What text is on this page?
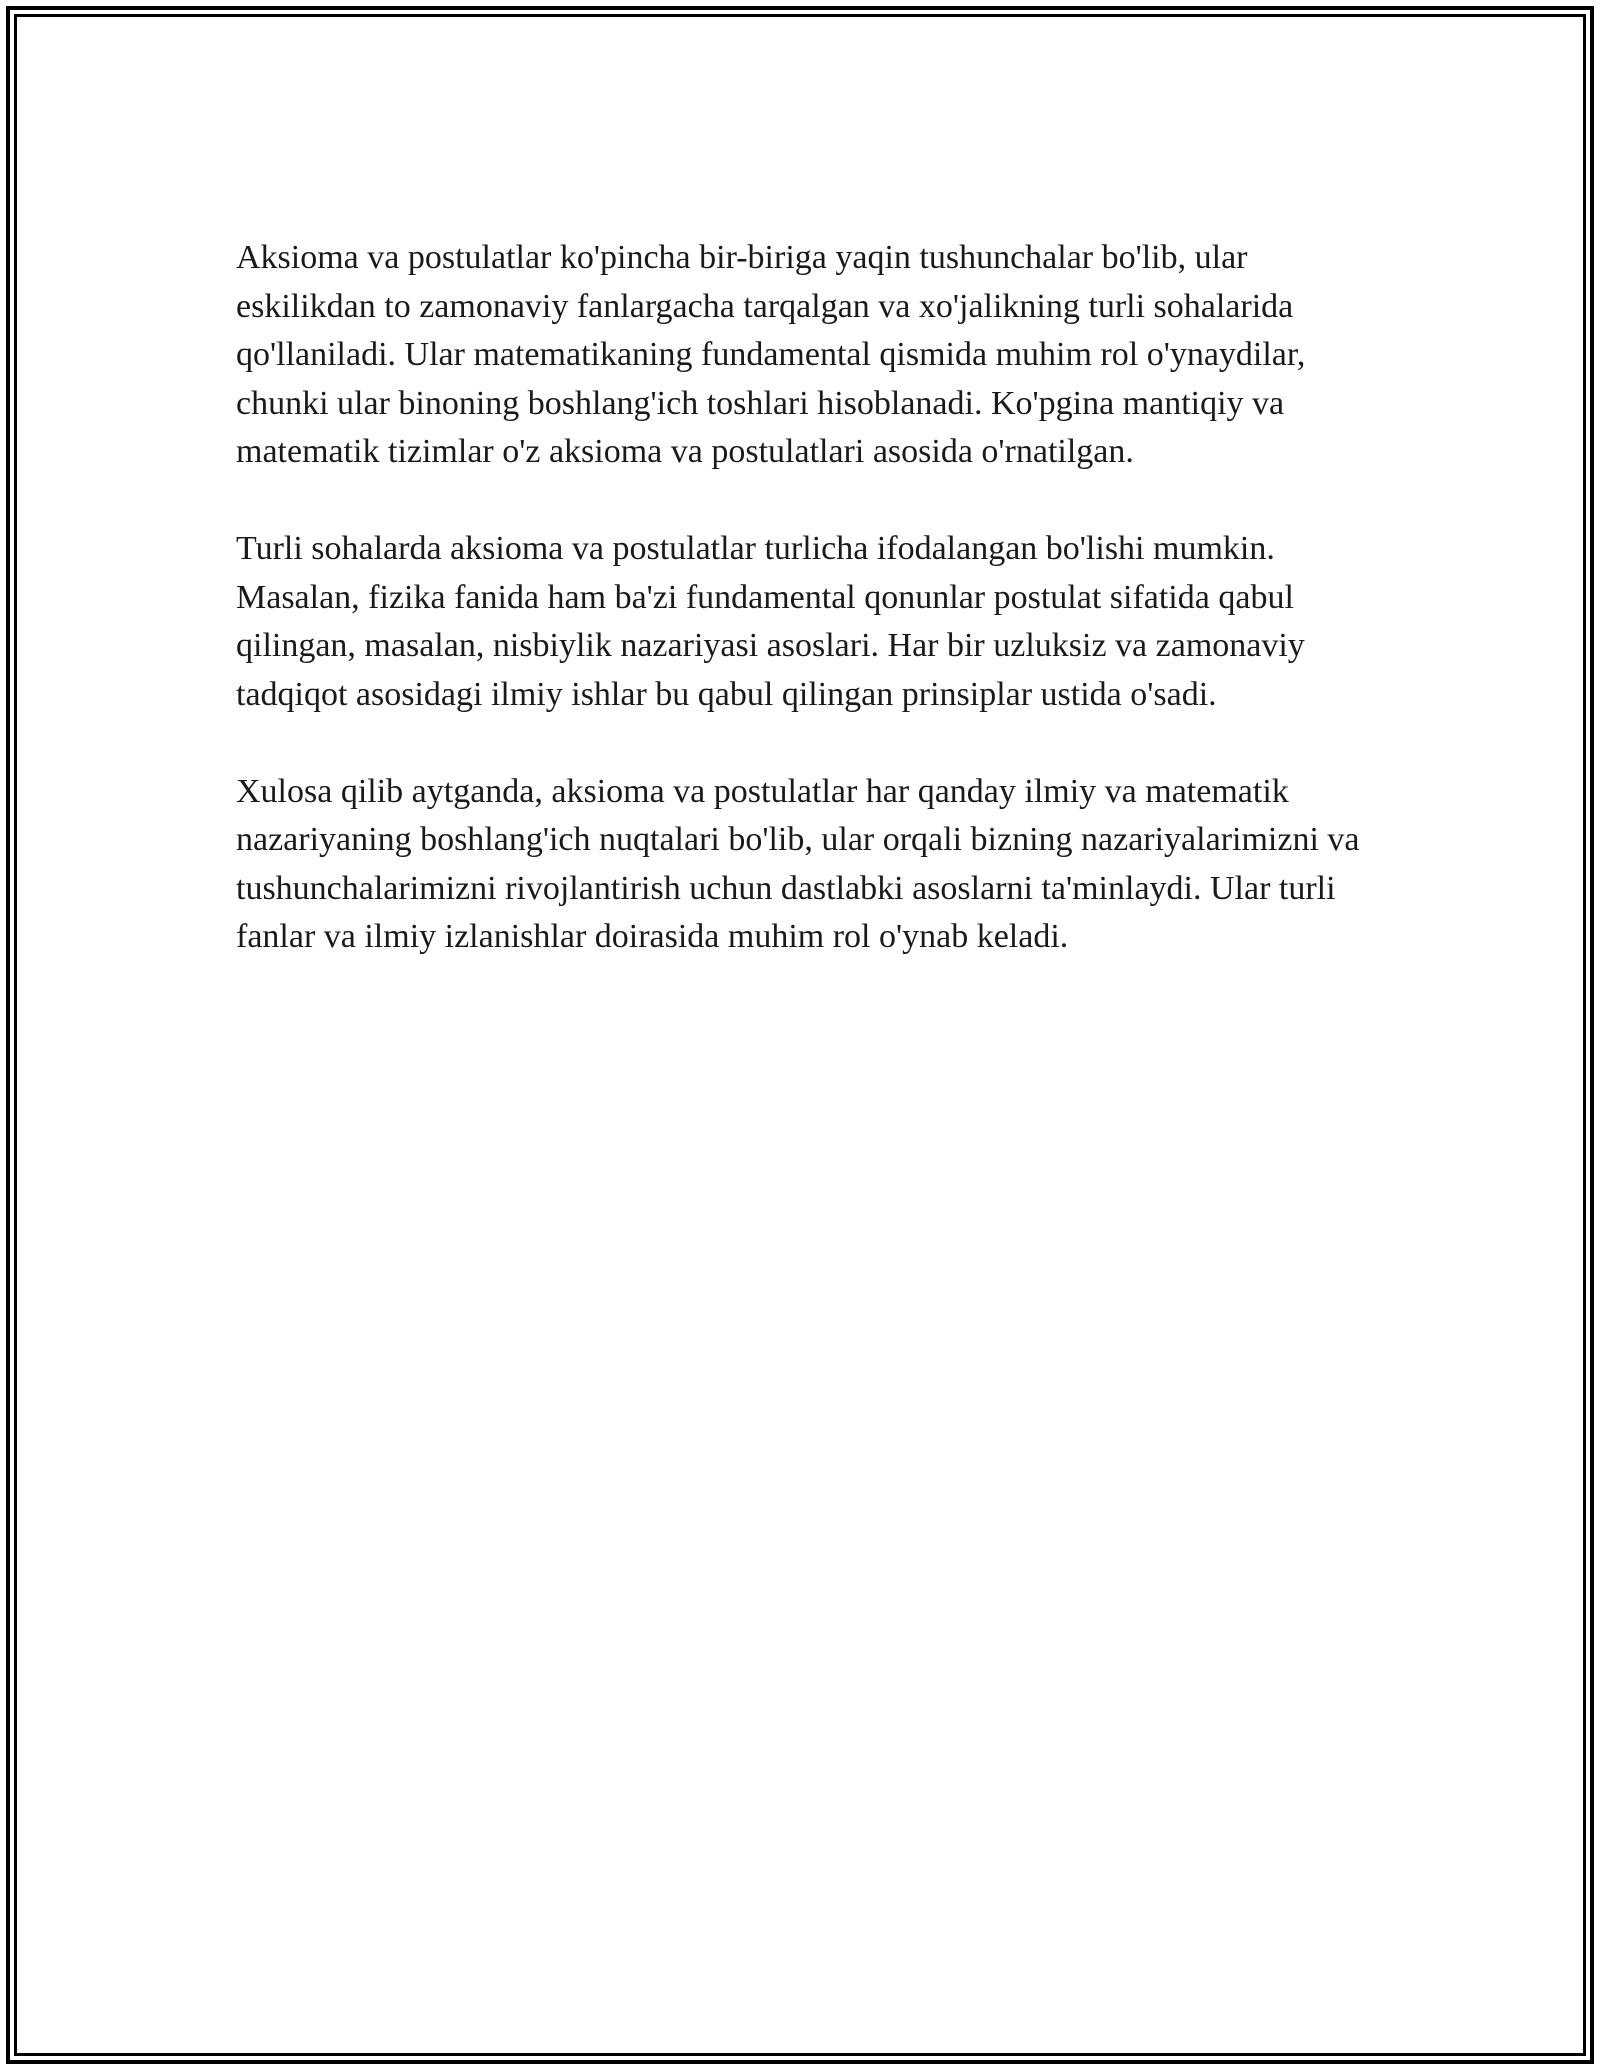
Aksioma va postulatlar ko'pincha bir-biriga yaqin tushunchalar bo'lib, ular eskilikdan to zamonaviy fanlargacha tarqalgan va xo'jalikning turli sohalarida qo'llaniladi. Ular matematikaning fundamental qismida muhim rol o'ynaydilar, chunki ular binoning boshlang'ich toshlari hisoblanadi. Ko'pgina mantiqiy va matematik tizimlar o'z aksioma va postulatlari asosida o'rnatilgan.

Turli sohalarda aksioma va postulatlar turlicha ifodalangan bo'lishi mumkin. Masalan, fizika fanida ham ba'zi fundamental qonunlar postulat sifatida qabul qilingan, masalan, nisbiylik nazariyasi asoslari. Har bir uzluksiz va zamonaviy tadqiqot asosidagi ilmiy ishlar bu qabul qilingan prinsiplar ustida o'sadi.

Xulosa qilib aytganda, aksioma va postulatlar har qanday ilmiy va matematik nazariyaning boshlang'ich nuqtalari bo'lib, ular orqali bizning nazariyalarimizni va tushunchalarimizni rivojlantirish uchun dastlabki asoslarni ta'minlaydi. Ular turli fanlar va ilmiy izlanishlar doirasida muhim rol o'ynab keladi.
